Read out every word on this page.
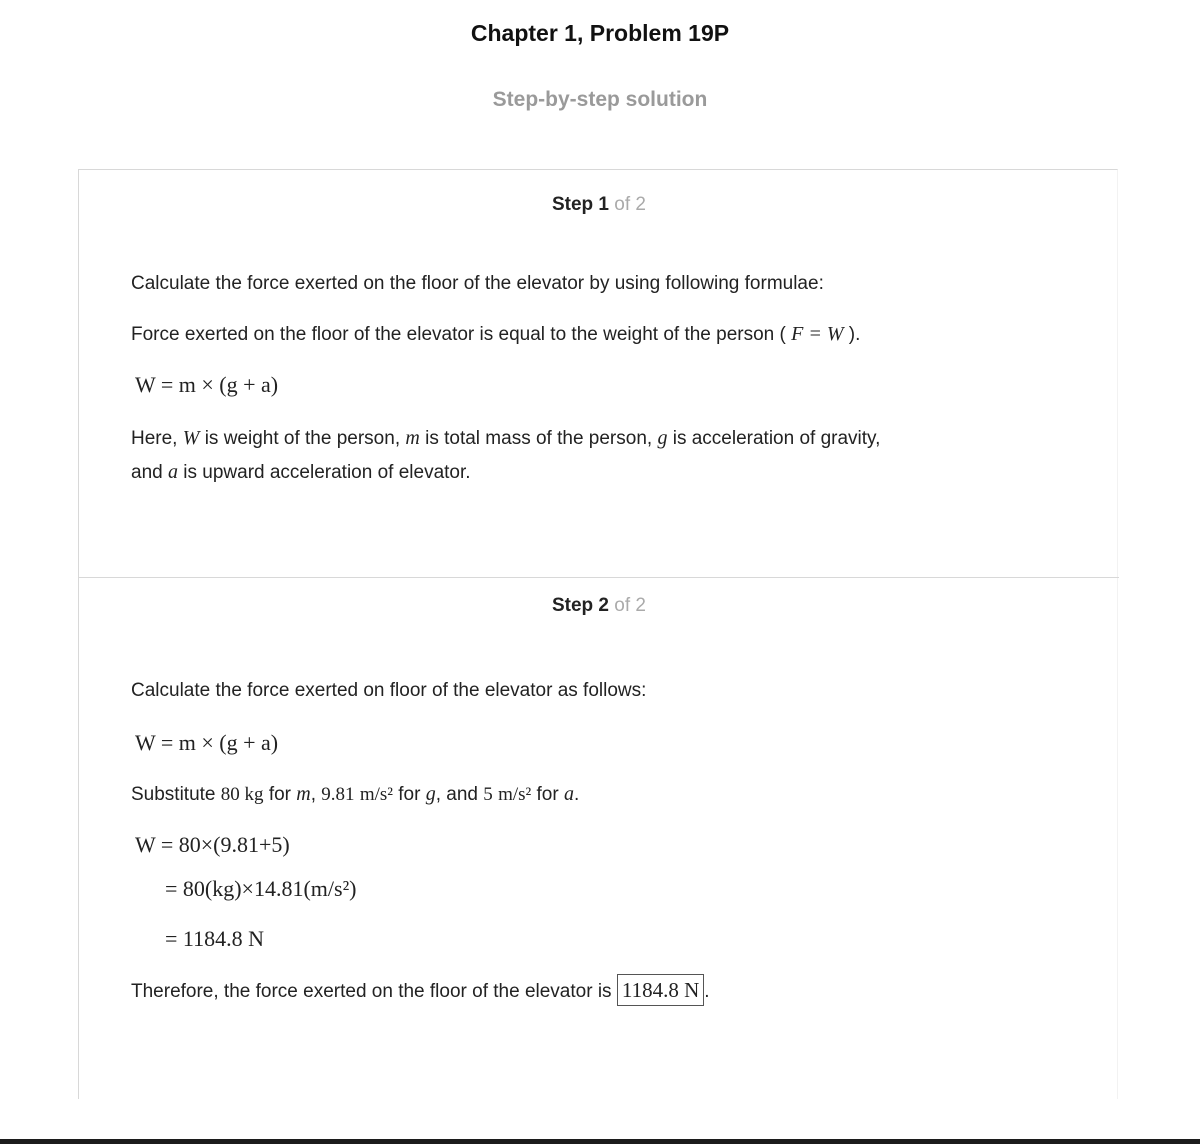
Chapter 1, Problem 19P
Step-by-step solution
Step 1 of 2
Calculate the force exerted on the floor of the elevator by using following formulae:
Force exerted on the floor of the elevator is equal to the weight of the person ( F = W ).
W = m × (g + a)
Here, W is weight of the person, m is total mass of the person, g is acceleration of gravity,
and a is upward acceleration of elevator.
Step 2 of 2
Calculate the force exerted on floor of the elevator as follows:
W = m × (g + a)
Substitute 80 kg for m, 9.81 m/s² for g, and 5 m/s² for a.
W = 80×(9.81+5)
= 80(kg)×14.81(m/s²)
= 1184.8 N
Therefore, the force exerted on the floor of the elevator is 1184.8 N .
